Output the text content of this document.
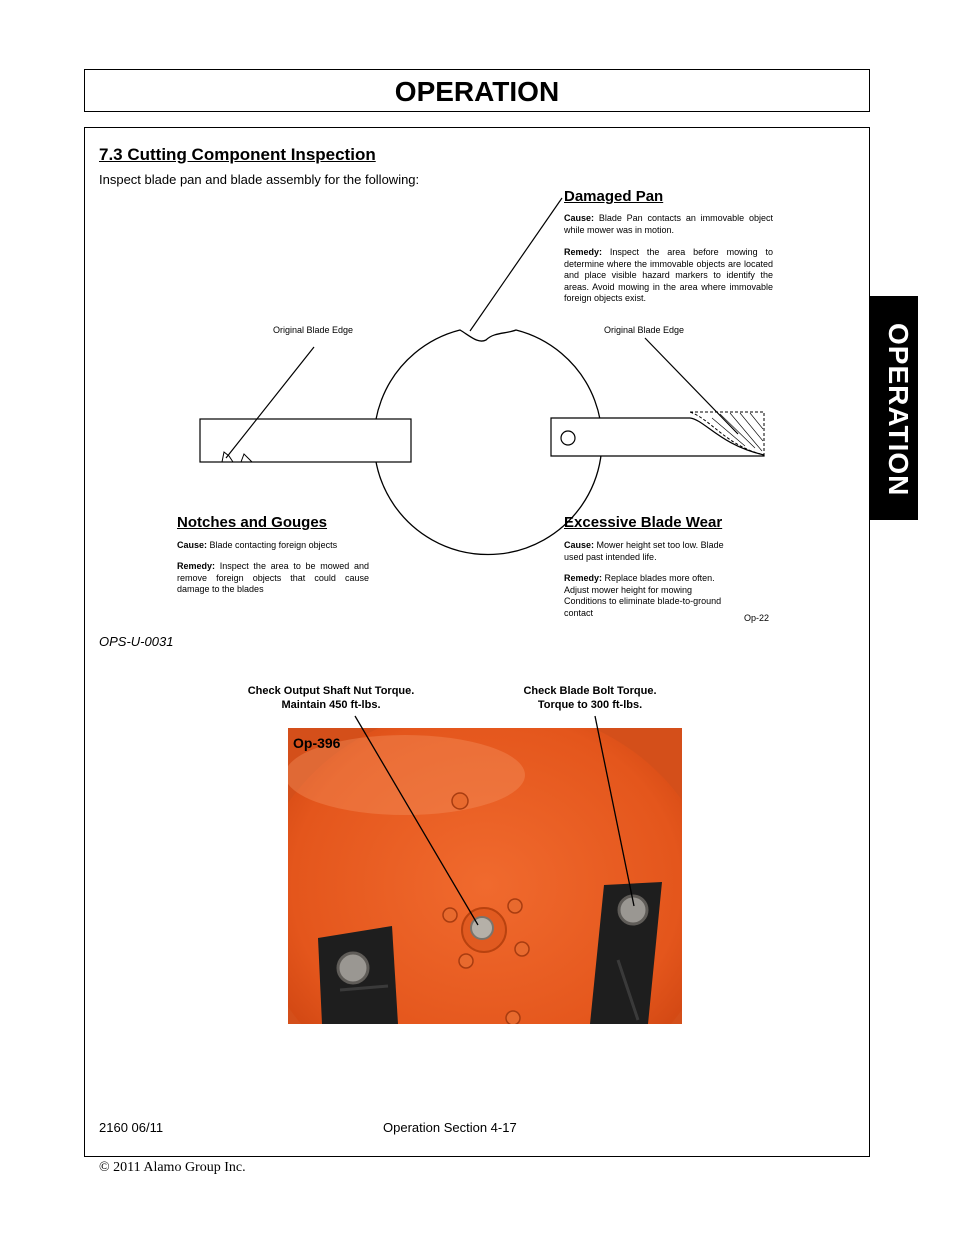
OPERATION
OPERATION
7.3 Cutting Component Inspection
Inspect blade pan and blade assembly for the following:
Damaged Pan
Cause: Blade Pan contacts an immovable object while mower was in motion.
Remedy: Inspect the area before mowing to determine where the immovable objects are located and place visible hazard markers to identify the areas. Avoid mowing in the area where immovable foreign objects exist.
Original Blade Edge	Original Blade Edge
Notches and Gouges
Cause: Blade contacting foreign objects
Remedy: Inspect the area to be mowed and remove foreign objects that could cause damage to the blades
Excessive Blade Wear
Cause: Mower height set too low. Blade used past intended life.
Remedy: Replace blades more often. Adjust mower height for mowing Conditions to eliminate blade-to-ground contact
Op-22
OPS-U-0031
Check Output Shaft Nut Torque.
Maintain 450 ft-lbs.
Check Blade Bolt Torque.
Torque to 300 ft-lbs.
Op-396
2160 06/11	Operation Section 4-17
© 2011 Alamo Group Inc.
